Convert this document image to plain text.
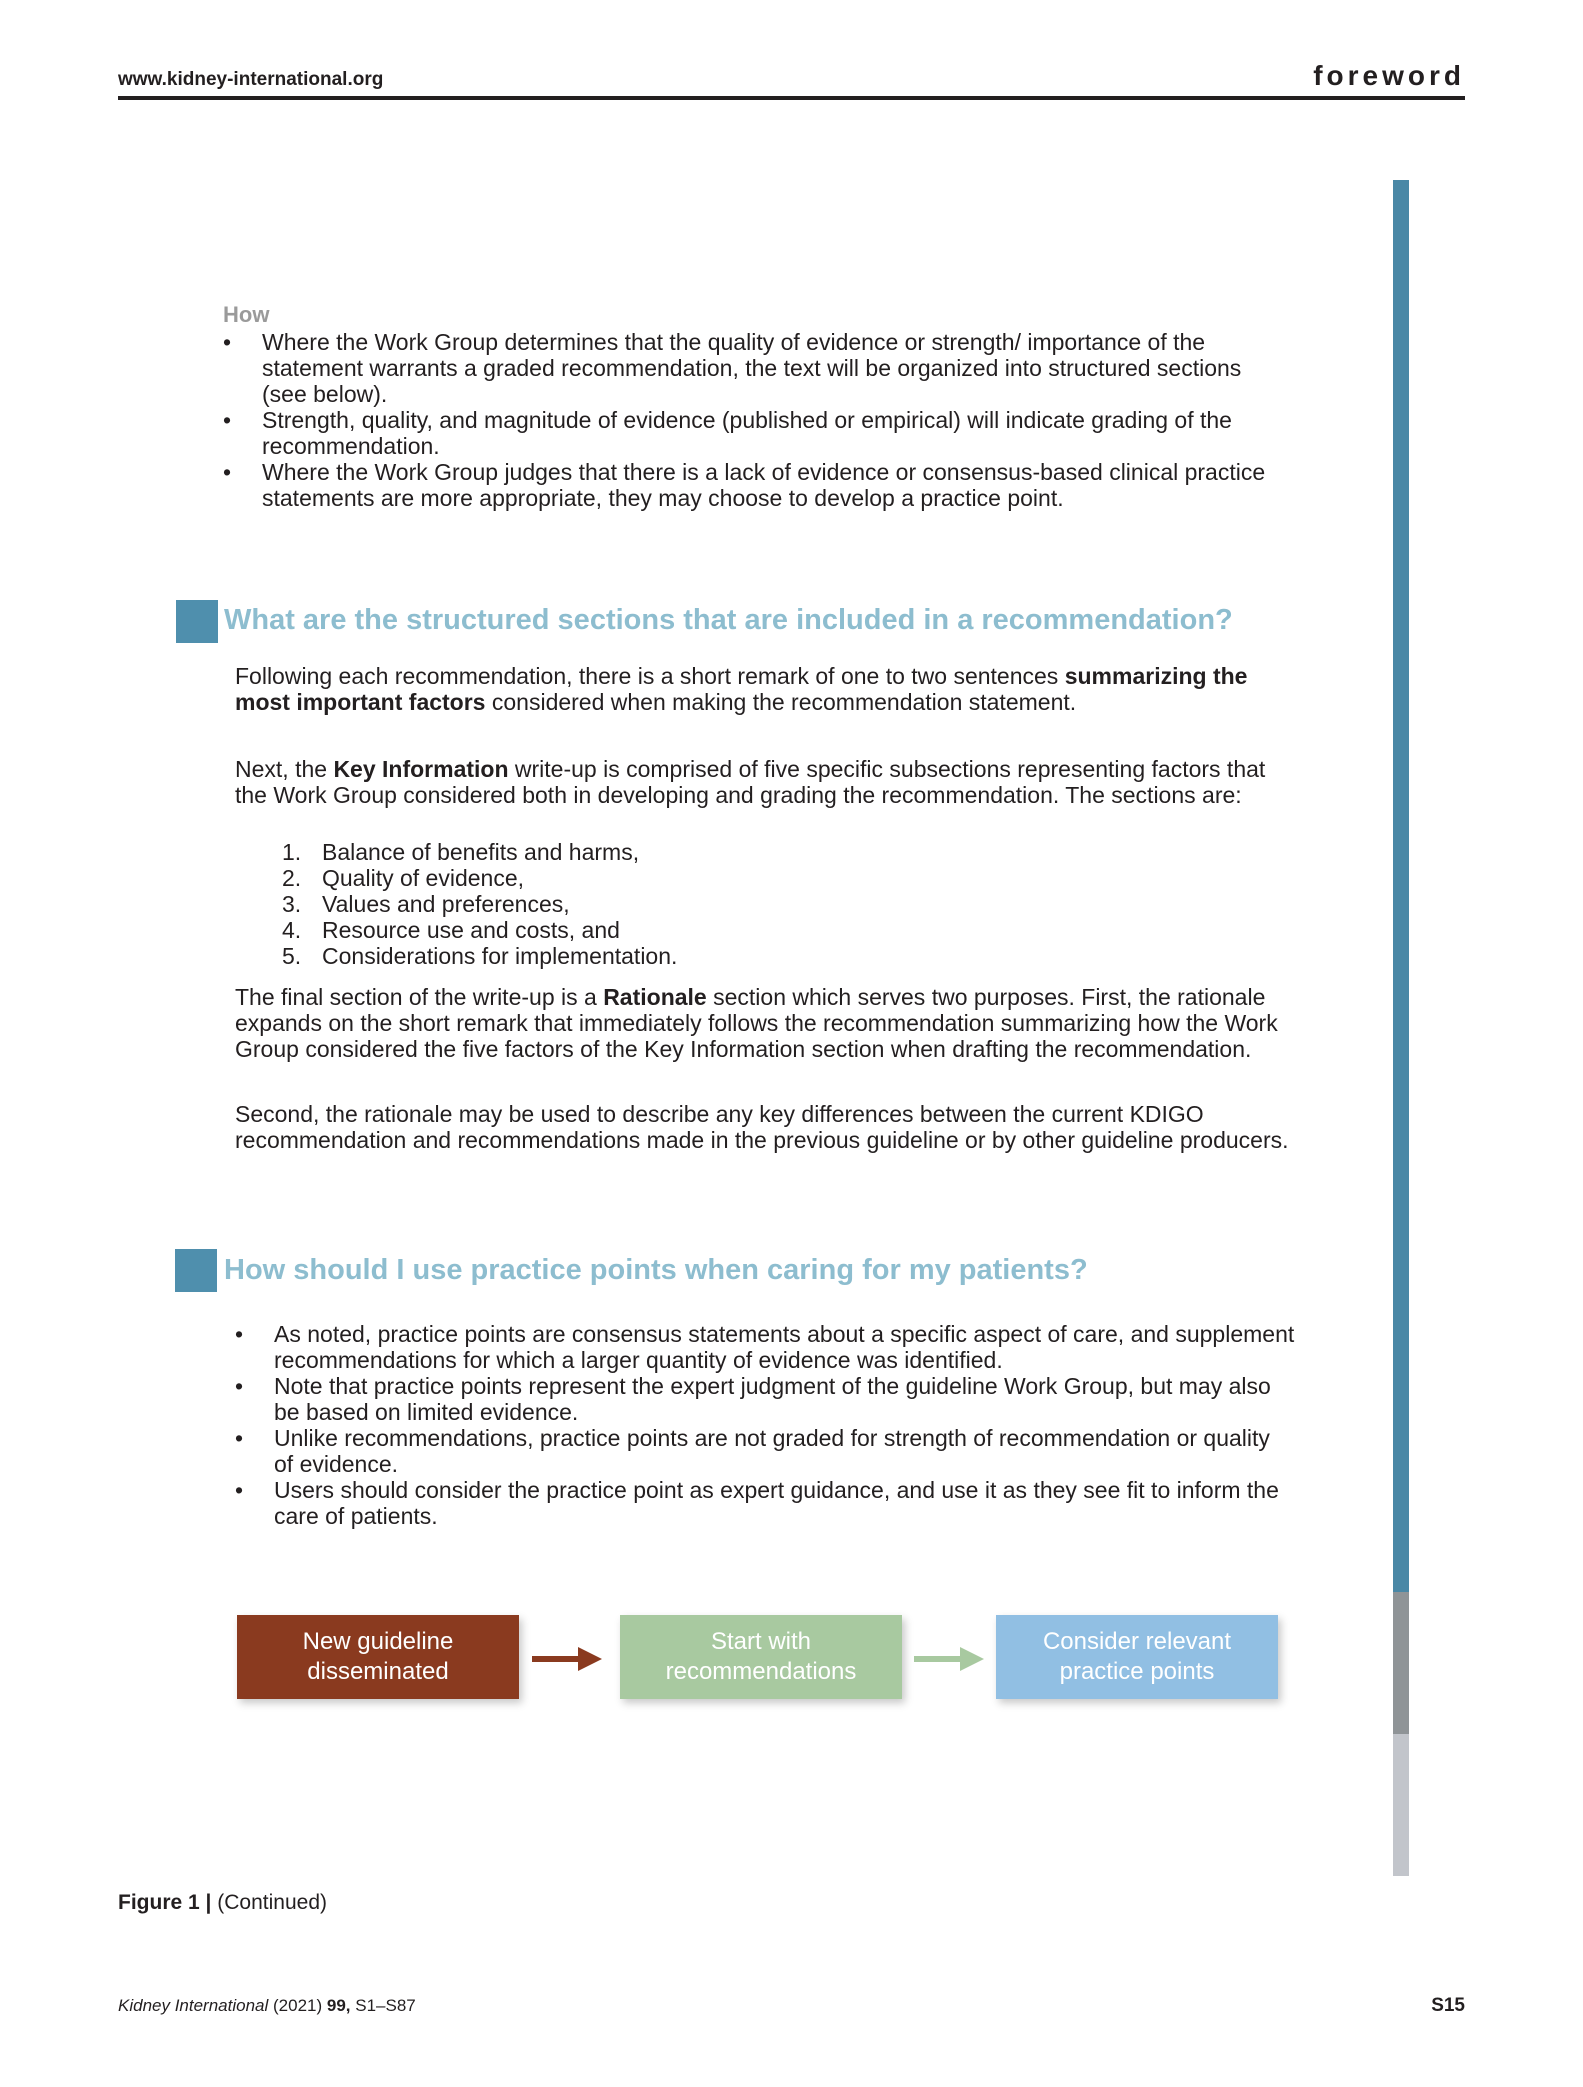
www.kidney-international.org	foreword
How
• Where the Work Group determines that the quality of evidence or strength/ importance of the statement warrants a graded recommendation, the text will be organized into structured sections (see below).
• Strength, quality, and magnitude of evidence (published or empirical) will indicate grading of the recommendation.
• Where the Work Group judges that there is a lack of evidence or consensus-based clinical practice statements are more appropriate, they may choose to develop a practice point.
What are the structured sections that are included in a recommendation?
Following each recommendation, there is a short remark of one to two sentences summarizing the most important factors considered when making the recommendation statement.
Next, the Key Information write-up is comprised of five specific subsections representing factors that the Work Group considered both in developing and grading the recommendation. The sections are:
1. Balance of benefits and harms,
2. Quality of evidence,
3. Values and preferences,
4. Resource use and costs, and
5. Considerations for implementation.
The final section of the write-up is a Rationale section which serves two purposes. First, the rationale expands on the short remark that immediately follows the recommendation summarizing how the Work Group considered the five factors of the Key Information section when drafting the recommendation.
Second, the rationale may be used to describe any key differences between the current KDIGO recommendation and recommendations made in the previous guideline or by other guideline producers.
How should I use practice points when caring for my patients?
• As noted, practice points are consensus statements about a specific aspect of care, and supplement recommendations for which a larger quantity of evidence was identified.
• Note that practice points represent the expert judgment of the guideline Work Group, but may also be based on limited evidence.
• Unlike recommendations, practice points are not graded for strength of recommendation or quality of evidence.
• Users should consider the practice point as expert guidance, and use it as they see fit to inform the care of patients.
New guideline
disseminated
Start with
recommendations
Consider relevant
practice points
Figure 1 | (Continued)
Kidney International (2021) 99, S1–S87	S15
